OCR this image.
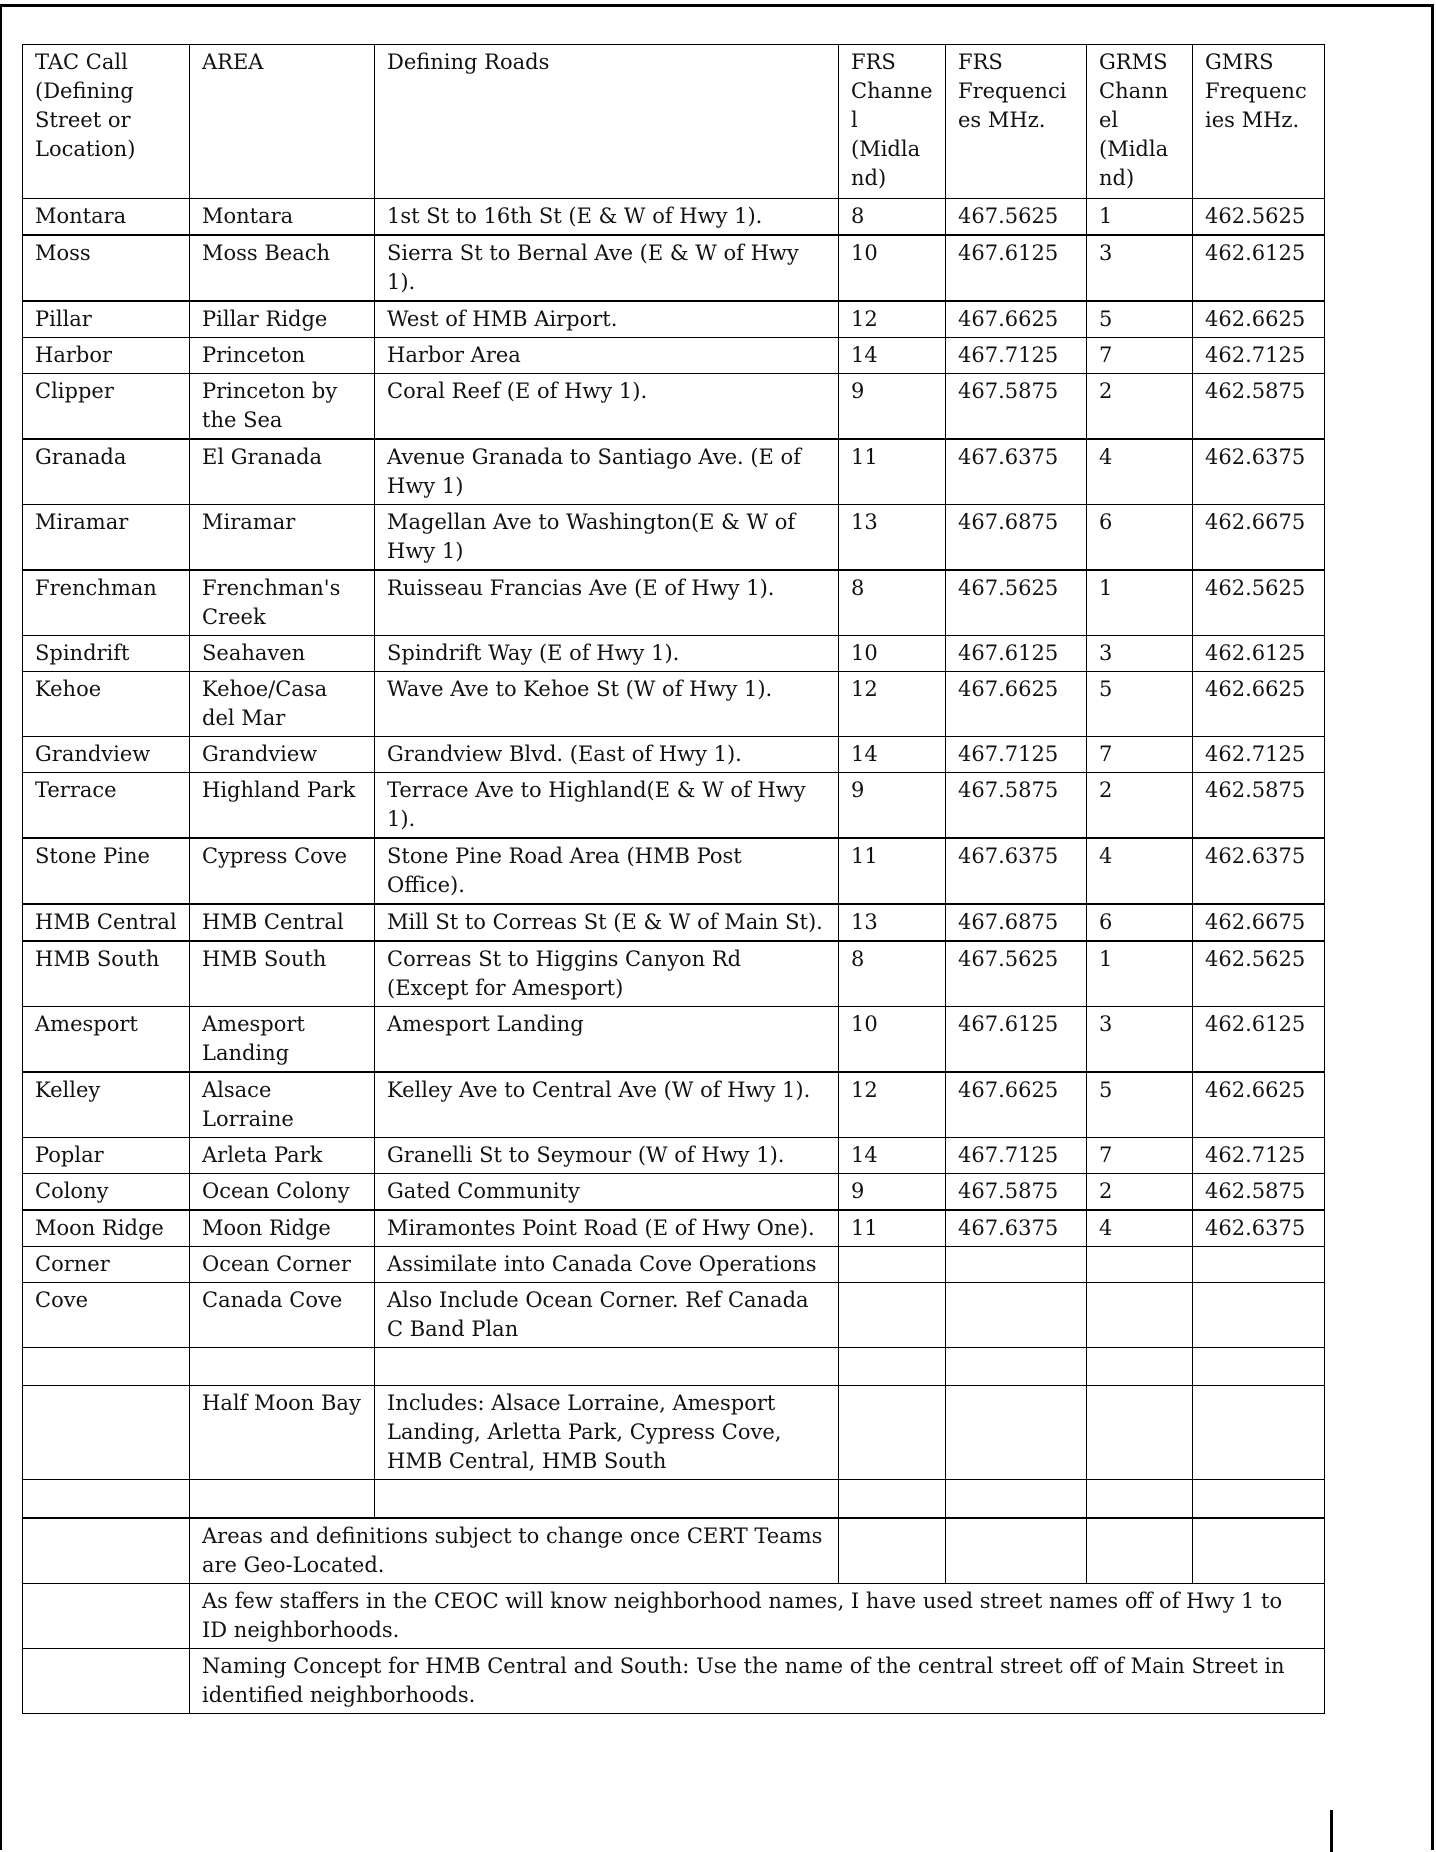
TAC Call (Defining Street or Location)	AREA	Defining Roads	FRS Channel (Midland)	FRS Frequencies MHz.	GRMS Channel (Midland)	GMRS Frequencies MHz.
Montara	Montara	1st St to 16th St (E & W of Hwy 1).	8	467.5625	1	462.5625
Moss	Moss Beach	Sierra St to Bernal Ave (E & W of Hwy 1).	10	467.6125	3	462.6125
Pillar	Pillar Ridge	West of HMB Airport.	12	467.6625	5	462.6625
Harbor	Princeton	Harbor Area	14	467.7125	7	462.7125
Clipper	Princeton by the Sea	Coral Reef (E of Hwy 1).	9	467.5875	2	462.5875
Granada	El Granada	Avenue Granada to Santiago Ave. (E of Hwy 1)	11	467.6375	4	462.6375
Miramar	Miramar	Magellan Ave to Washington(E & W of Hwy 1)	13	467.6875	6	462.6675
Frenchman	Frenchman's Creek	Ruisseau Francias Ave (E of Hwy 1).	8	467.5625	1	462.5625
Spindrift	Seahaven	Spindrift Way (E of Hwy 1).	10	467.6125	3	462.6125
Kehoe	Kehoe/Casa del Mar	Wave Ave to Kehoe St (W of Hwy 1).	12	467.6625	5	462.6625
Grandview	Grandview	Grandview Blvd. (East of Hwy 1).	14	467.7125	7	462.7125
Terrace	Highland Park	Terrace Ave to Highland(E & W of Hwy 1).	9	467.5875	2	462.5875
Stone Pine	Cypress Cove	Stone Pine Road Area (HMB Post Office).	11	467.6375	4	462.6375
HMB Central	HMB Central	Mill St to Correas St (E & W of Main St).	13	467.6875	6	462.6675
HMB South	HMB South	Correas St to Higgins Canyon Rd (Except for Amesport)	8	467.5625	1	462.5625
Amesport	Amesport Landing	Amesport Landing	10	467.6125	3	462.6125
Kelley	Alsace Lorraine	Kelley Ave to Central Ave (W of Hwy 1).	12	467.6625	5	462.6625
Poplar	Arleta Park	Granelli St to Seymour (W of Hwy 1).	14	467.7125	7	462.7125
Colony	Ocean Colony	Gated Community	9	467.5875	2	462.5875
Moon Ridge	Moon Ridge	Miramontes Point Road (E of Hwy One).	11	467.6375	4	462.6375
Corner	Ocean Corner	Assimilate into Canada Cove Operations				
Cove	Canada Cove	Also Include Ocean Corner. Ref Canada C Band Plan				

	Half Moon Bay	Includes: Alsace Lorraine, Amesport Landing, Arletta Park, Cypress Cove, HMB Central, HMB South				

	Areas and definitions subject to change once CERT Teams are Geo-Located.					
	As few staffers in the CEOC will know neighborhood names, I have used street names off of Hwy 1 to ID neighborhoods.					
	Naming Concept for HMB Central and South: Use the name of the central street off of Main Street in identified neighborhoods.					
